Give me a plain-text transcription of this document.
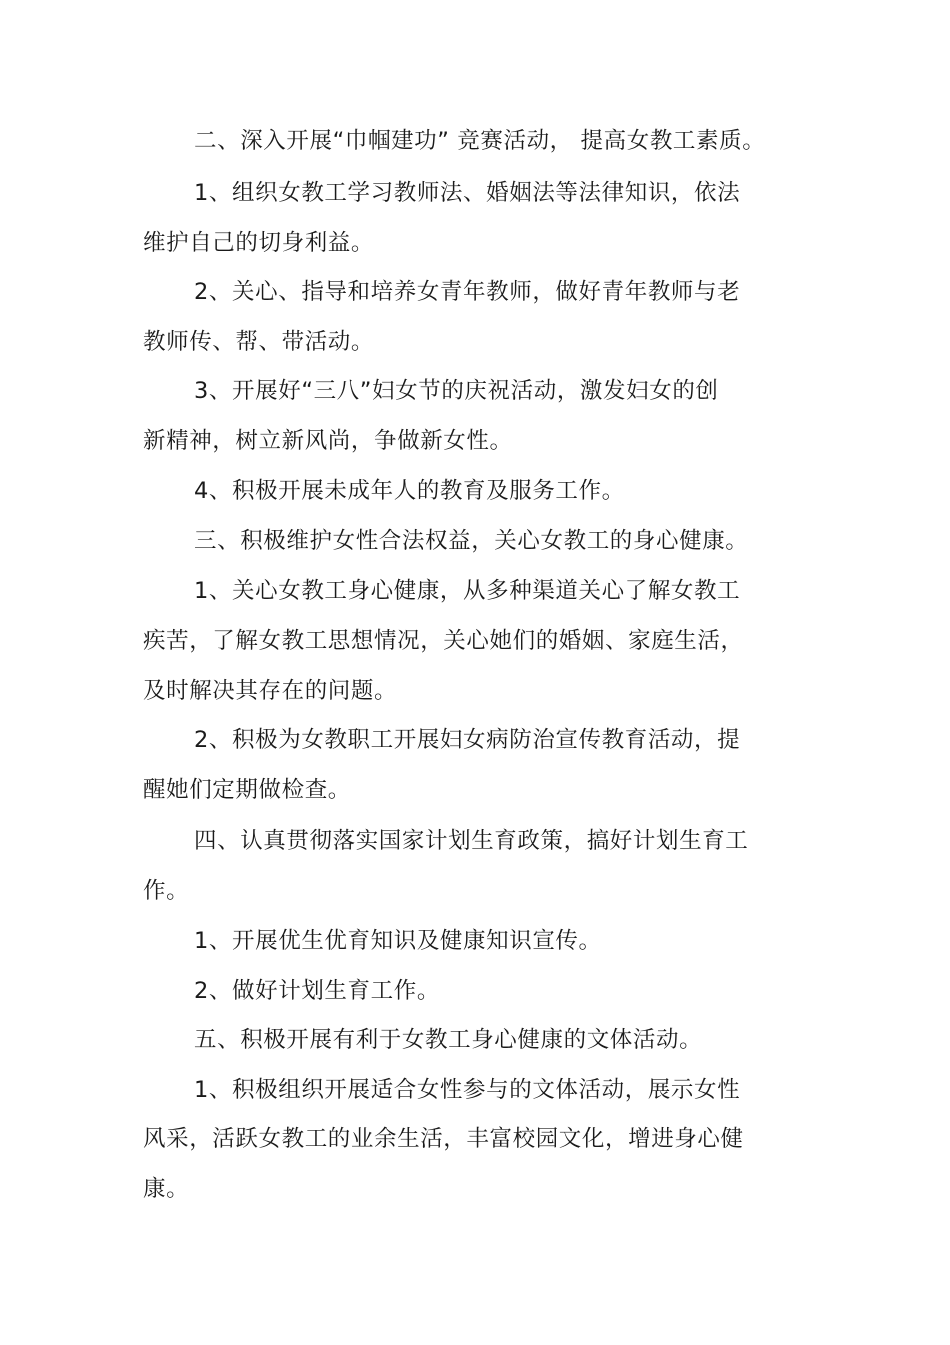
二、深入开展“巾帼建功” 竞赛活动， 提高女教工素质。
1、组织女教工学习教师法、婚姻法等法律知识，依法
维护自己的切身利益。
2、关心、指导和培养女青年教师，做好青年教师与老
教师传、帮、带活动。
3、开展好“三八”妇女节的庆祝活动，激发妇女的创
新精神，树立新风尚，争做新女性。
4、积极开展未成年人的教育及服务工作。
三、积极维护女性合法权益，关心女教工的身心健康。
1、关心女教工身心健康，从多种渠道关心了解女教工
疾苦，了解女教工思想情况，关心她们的婚姻、家庭生活，
及时解决其存在的问题。
2、积极为女教职工开展妇女病防治宣传教育活动，提
醒她们定期做检查。
四、认真贯彻落实国家计划生育政策，搞好计划生育工
作。
1、开展优生优育知识及健康知识宣传。
2、做好计划生育工作。
五、积极开展有利于女教工身心健康的文体活动。
1、积极组织开展适合女性参与的文体活动，展示女性
风采，活跃女教工的业余生活，丰富校园文化，增进身心健
康。
